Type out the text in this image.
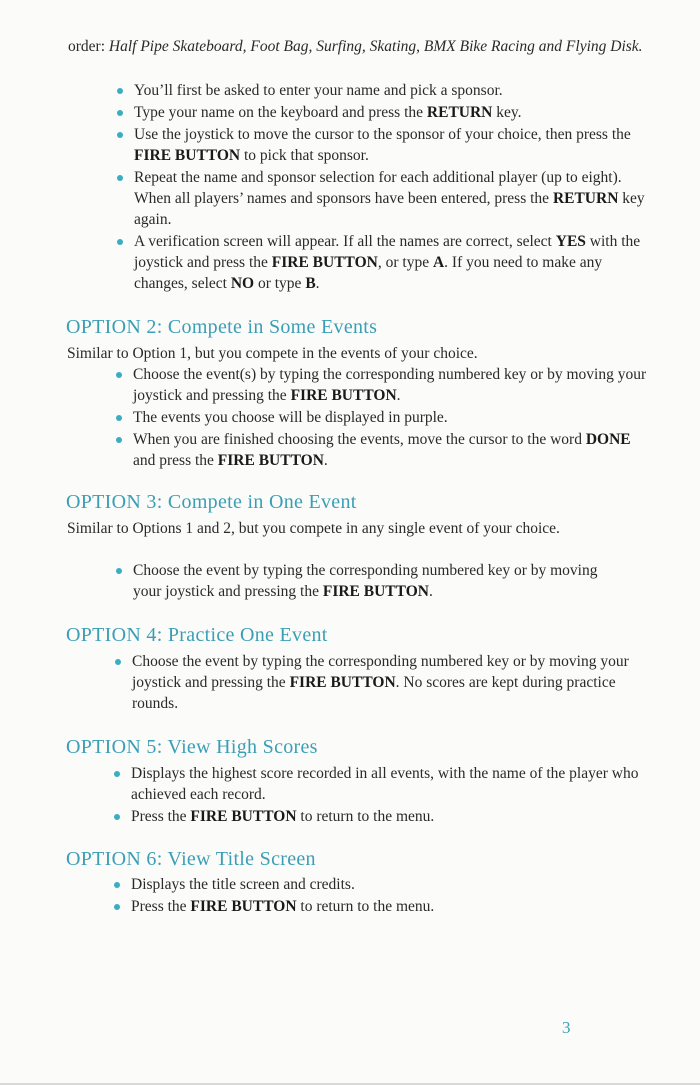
order: Half Pipe Skateboard, Foot Bag, Surfing, Skating, BMX Bike Racing and Flying Disk.
You’ll first be asked to enter your name and pick a sponsor.
Type your name on the keyboard and press the RETURN key.
Use the joystick to move the cursor to the sponsor of your choice, then press the FIRE BUTTON to pick that sponsor.
Repeat the name and sponsor selection for each additional player (up to eight). When all players’ names and sponsors have been entered, press the RETURN key again.
A verification screen will appear. If all the names are correct, select YES with the joystick and press the FIRE BUTTON, or type A. If you need to make any changes, select NO or type B.
OPTION 2: Compete in Some Events

Similar to Option 1, but you compete in the events of your choice.

Choose the event(s) by typing the corresponding numbered key or by moving your joystick and pressing the FIRE BUTTON.
The events you choose will be displayed in purple.
When you are finished choosing the events, move the cursor to the word DONE and press the FIRE BUTTON.
OPTION 3: Compete in One Event

Similar to Options 1 and 2, but you compete in any single event of your choice.

Choose the event by typing the corresponding numbered key or by moving your joystick and pressing the FIRE BUTTON.
OPTION 4: Practice One Event
Choose the event by typing the corresponding numbered key or by moving your joystick and pressing the FIRE BUTTON. No scores are kept during practice rounds.
OPTION 5: View High Scores
Displays the highest score recorded in all events, with the name of the player who achieved each record.
Press the FIRE BUTTON to return to the menu.
OPTION 6: View Title Screen
Displays the title screen and credits.
Press the FIRE BUTTON to return to the menu.
3
